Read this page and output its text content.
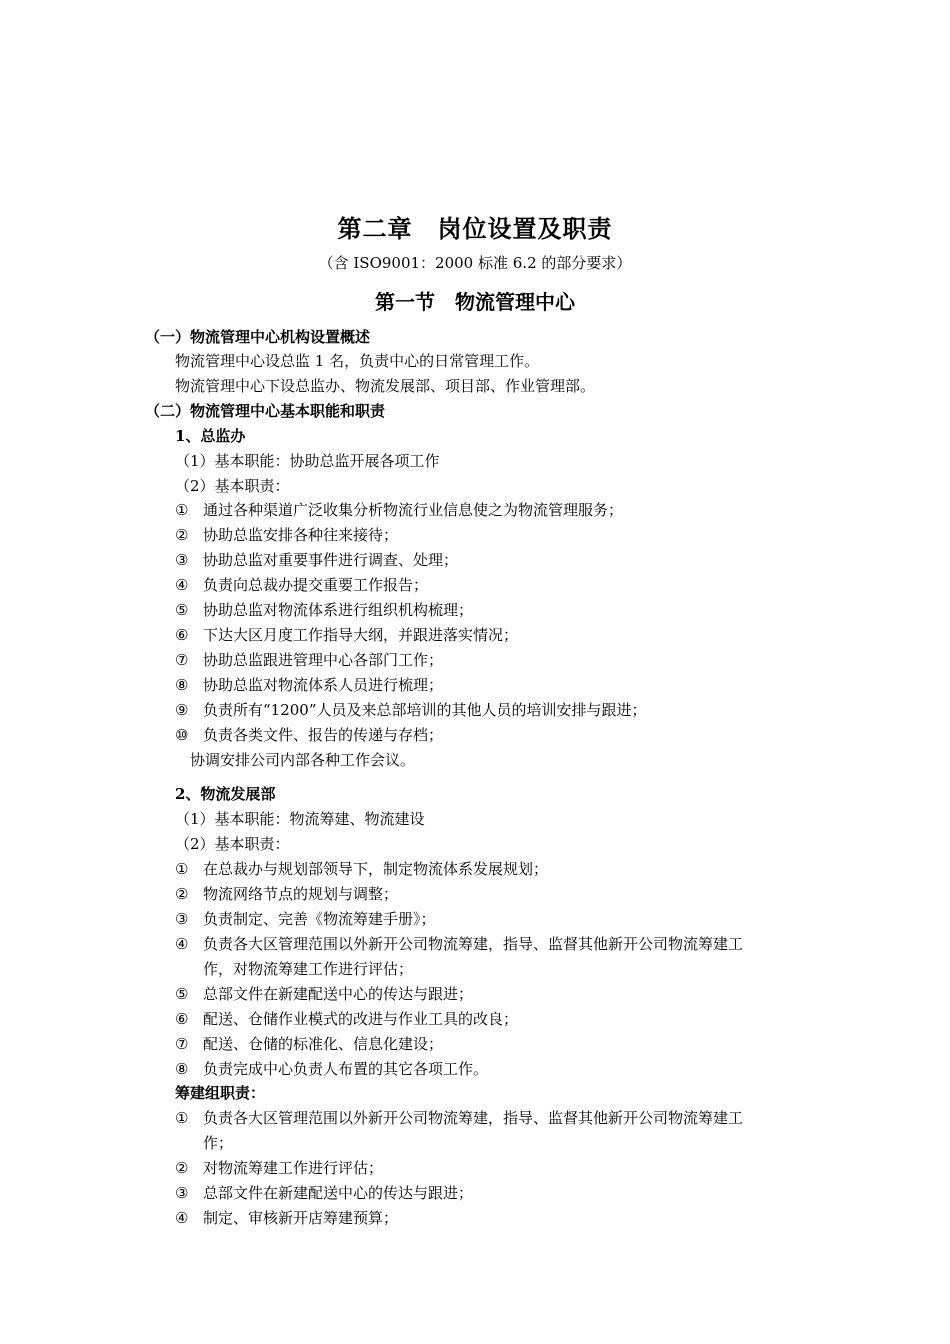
第二章　岗位设置及职责
（含 ISO9001：2000 标准 6.2 的部分要求）
第一节　物流管理中心
（一）物流管理中心机构设置概述
物流管理中心设总监 1 名，负责中心的日常管理工作。
物流管理中心下设总监办、物流发展部、项目部、作业管理部。
（二）物流管理中心基本职能和职责
1、总监办
（1）基本职能：协助总监开展各项工作
（2）基本职责：
① 通过各种渠道广泛收集分析物流行业信息使之为物流管理服务；
② 协助总监安排各种往来接待；
③ 协助总监对重要事件进行调查、处理；
④ 负责向总裁办提交重要工作报告；
⑤ 协助总监对物流体系进行组织机构梳理；
⑥ 下达大区月度工作指导大纲，并跟进落实情况；
⑦ 协助总监跟进管理中心各部门工作；
⑧ 协助总监对物流体系人员进行梳理；
⑨ 负责所有“1200”人员及来总部培训的其他人员的培训安排与跟进；
⑩ 负责各类文件、报告的传递与存档；
协调安排公司内部各种工作会议。
2、物流发展部
（1）基本职能：物流筹建、物流建设
（2）基本职责：
① 在总裁办与规划部领导下，制定物流体系发展规划；
② 物流网络节点的规划与调整；
③ 负责制定、完善《物流筹建手册》；
④ 负责各大区管理范围以外新开公司物流筹建，指导、监督其他新开公司物流筹建工
作，对物流筹建工作进行评估；
⑤ 总部文件在新建配送中心的传达与跟进；
⑥ 配送、仓储作业模式的改进与作业工具的改良；
⑦ 配送、仓储的标准化、信息化建设；
⑧ 负责完成中心负责人布置的其它各项工作。
筹建组职责：
① 负责各大区管理范围以外新开公司物流筹建，指导、监督其他新开公司物流筹建工
作；
② 对物流筹建工作进行评估；
③ 总部文件在新建配送中心的传达与跟进；
④ 制定、审核新开店筹建预算；
